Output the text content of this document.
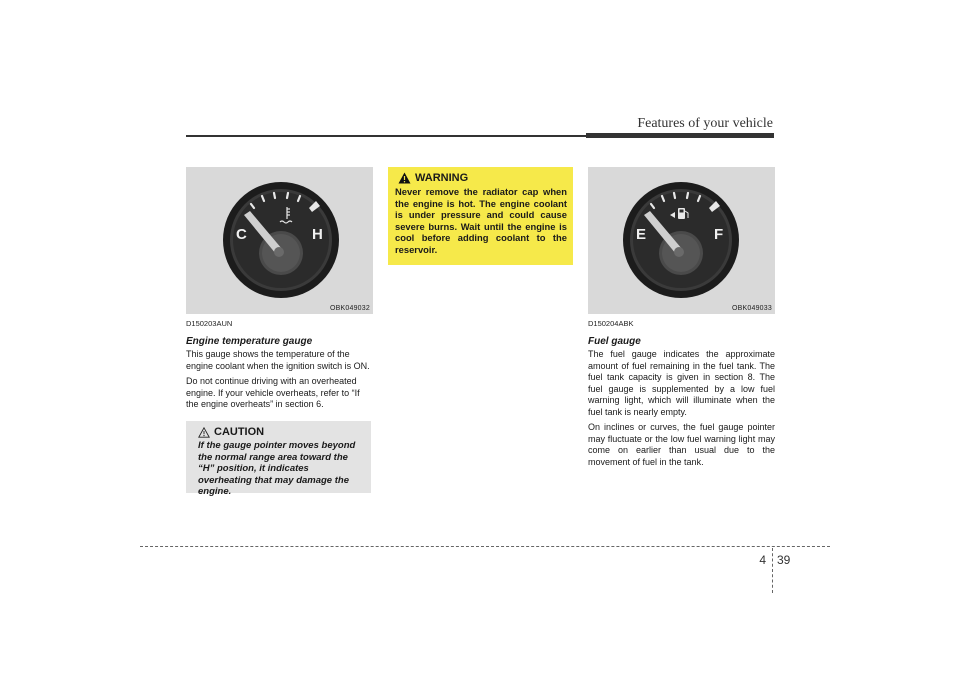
Features of your vehicle
C	H
OBK049032
D150203AUN
Engine temperature gauge
This gauge shows the temperature of the engine coolant when the ignition switch is ON.
Do not continue driving with an overheated engine. If your vehicle overheats, refer to “If the engine overheats” in section 6.
CAUTION
If the gauge pointer moves beyond the normal range area toward the “H” position, it indicates overheating that may damage the engine.
WARNING
Never remove the radiator cap when the engine is hot. The engine coolant is under pressure and could cause severe burns. Wait until the engine is cool before adding coolant to the reservoir.
E	F
OBK049033
D150204ABK
Fuel gauge
The fuel gauge indicates the approximate amount of fuel remaining in the fuel tank. The fuel tank capacity is given in section 8. The fuel gauge is supplemented by a low fuel warning light, which will illuminate when the fuel tank is nearly empty.
On inclines or curves, the fuel gauge pointer may fluctuate or the low fuel warning light may come on earlier than usual due to the movement of fuel in the tank.
4 39
